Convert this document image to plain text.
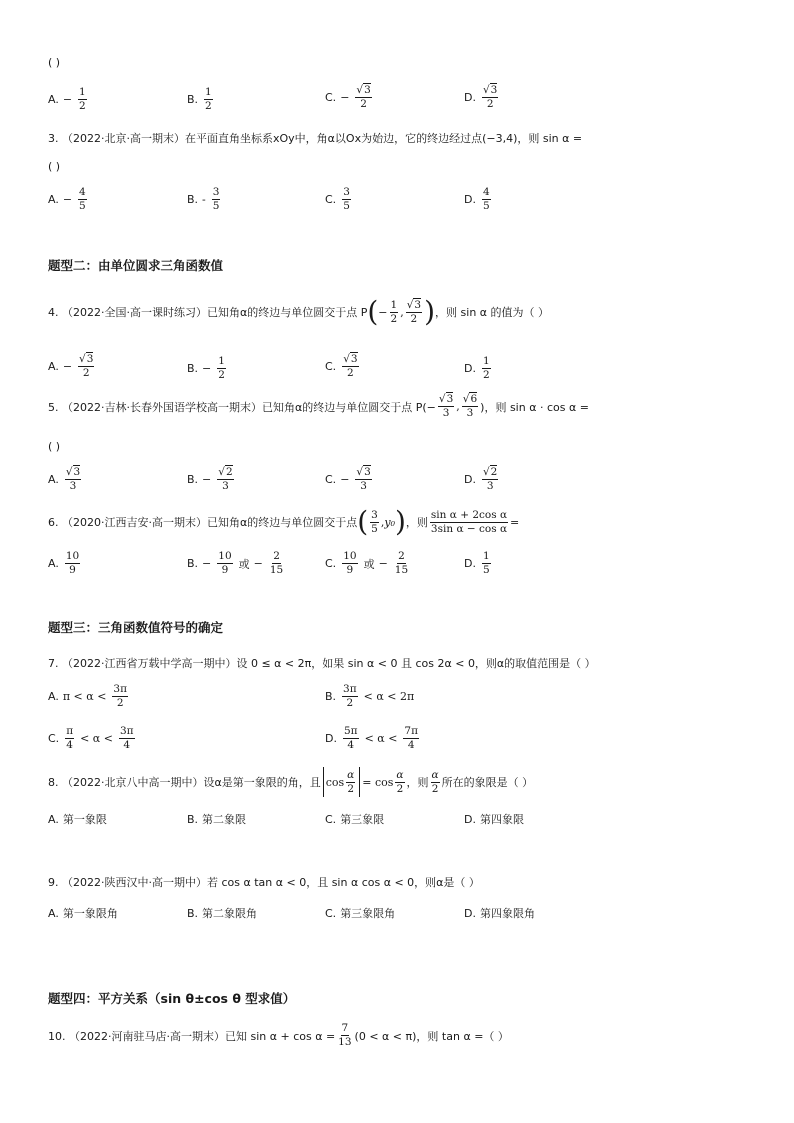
( )
A. − $\frac{1}{2}$	B. $\frac{1}{2}$	C. − $\frac{√3}{2}$	D. $\frac{√3}{2}$
3. （2022·北京·高一期末）在平面直角坐标系xOy中，角α以Ox为始边，它的终边经过点(−3,4)，则 sin α =
( )
A. − $\frac{4}{5}$	B. - $\frac{3}{5}$	C. $\frac{3}{5}$	D. $\frac{4}{5}$
题型二：由单位圆求三角函数值
4. （2022·全国·高一课时练习）已知角α的终边与单位圆交于点 P ( − $\frac{1}{2}$ , $\frac{√3}{2}$ ) ，则 sin α 的值为（ ）
A. − $\frac{√3}{2}$	B. − $\frac{1}{2}$	C. $\frac{√3}{2}$	D. $\frac{1}{2}$
5. （2022·吉林·长春外国语学校高一期末）已知角α的终边与单位圆交于点 $P(- \frac{√3}{3}$ , $\frac{√6}{3}$ )，则 sin α · cos α =
( )
A. $\frac{√3}{3}$	B. − $\frac{√2}{3}$	C. − $\frac{√3}{3}$	D. $\frac{√2}{3}$
6. （2020·江西吉安·高一期末）已知角α的终边与单位圆交于点 ( $\frac{3}{5}$ , y₀ ) ，则 $\frac{\text{sin α + 2cos α}}{\text{3sin α − cos α}}$ =
A. $\frac{10}{9}$	B. − $\frac{10}{9}$ 或 − $\frac{2}{15}$	C. $\frac{10}{9}$ 或 − $\frac{2}{15}$	D. $\frac{1}{5}$
题型三：三角函数值符号的确定
7. （2022·江西省万载中学高一期中）设 0 ≤ α < 2π，如果 sin α < 0 且 cos 2α < 0，则α的取值范围是（ ）
A. $\pi < \alpha < \frac{3\pi}{2}$	B. $\frac{3\pi}{2} < \alpha < 2\pi$
C. $\frac{\pi}{4} < \alpha < \frac{3\pi}{4}$	D. $\frac{5\pi}{4} < \alpha < \frac{7\pi}{4}$
8. （2022·北京八中高一期中）设α是第一象限的角，且 $\cos \frac{\alpha}{2} = \cos \frac{\alpha}{2}$ ，则 $\frac{\alpha}{2}$ 所在的象限是（ ）
A. 第一象限	B. 第二象限	C. 第三象限	D. 第四象限
9. （2022·陕西汉中·高一期中）若 cos α tan α < 0，且 sin α cos α < 0，则α是（ ）
A. 第一象限角	B. 第二象限角	C. 第三象限角	D. 第四象限角
题型四：平方关系（sin θ±cos θ 型求值）
10. （2022·河南驻马店·高一期末）已知 $\sin \alpha + \cos \alpha = \frac{7}{13} (0 < \alpha < \pi)$，则 tan α =（ ）
